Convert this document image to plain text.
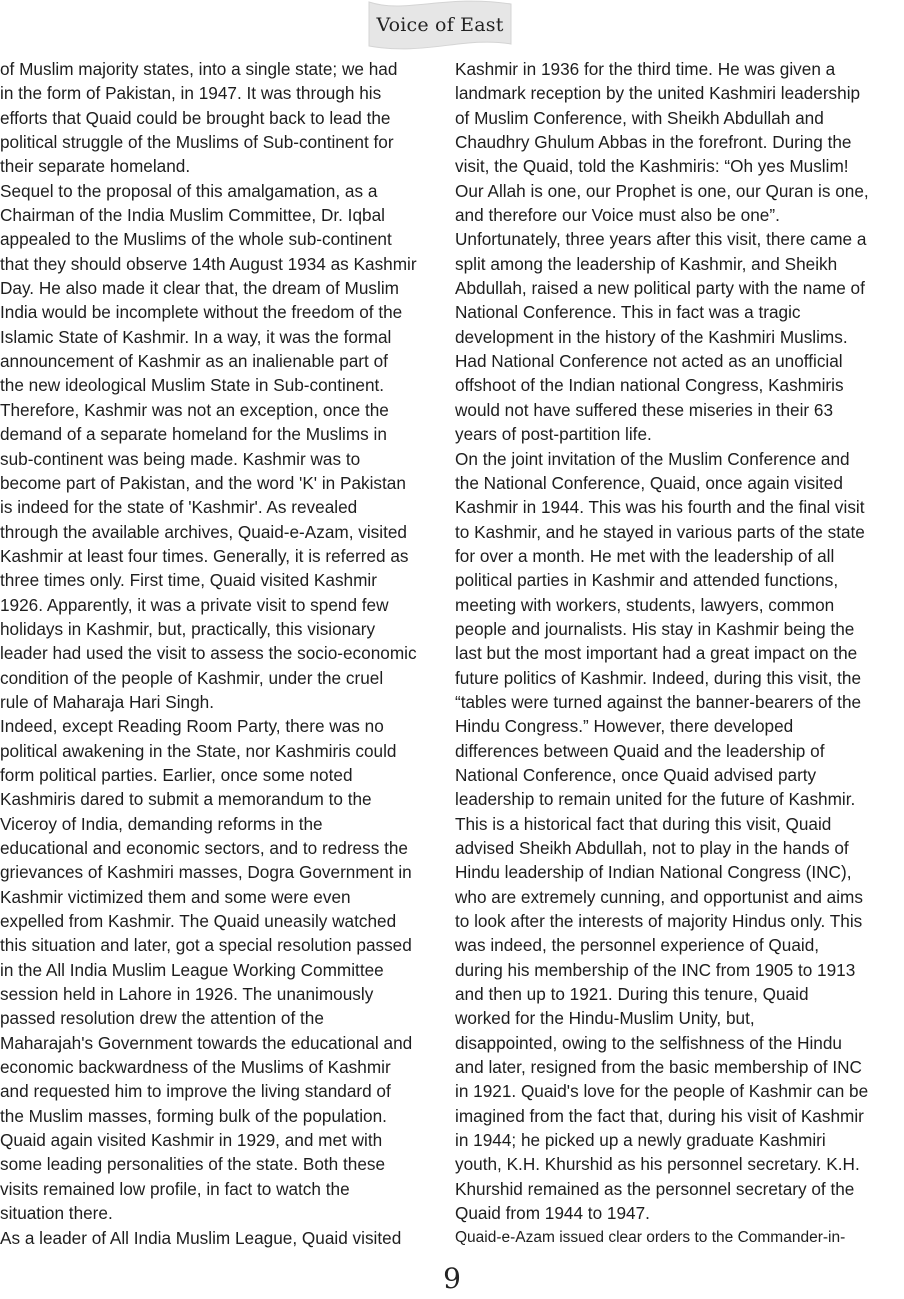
Voice of East
of Muslim majority states, into a single state; we had
in the form of Pakistan, in 1947. It was through his
efforts that Quaid could be brought back to lead the
political struggle of the Muslims of Sub-continent for
their separate homeland.
Sequel to the proposal of this amalgamation, as a
Chairman of the India Muslim Committee, Dr. Iqbal
appealed to the Muslims of the whole sub-continent
that they should observe 14th August 1934 as Kashmir
Day. He also made it clear that, the dream of Muslim
India would be incomplete without the freedom of the
Islamic State of Kashmir. In a way, it was the formal
announcement of Kashmir as an inalienable part of
the new ideological Muslim State in Sub-continent.
Therefore, Kashmir was not an exception, once the
demand of a separate homeland for the Muslims in
sub-continent was being made. Kashmir was to
become part of Pakistan, and the word 'K' in Pakistan
is indeed for the state of 'Kashmir'. As revealed
through the available archives, Quaid-e-Azam, visited
Kashmir at least four times. Generally, it is referred as
three times only. First time, Quaid visited Kashmir
1926. Apparently, it was a private visit to spend few
holidays in Kashmir, but, practically, this visionary
leader had used the visit to assess the socio-economic
condition of the people of Kashmir, under the cruel
rule of Maharaja Hari Singh.
Indeed, except Reading Room Party, there was no
political awakening in the State, nor Kashmiris could
form political parties. Earlier, once some noted
Kashmiris dared to submit a memorandum to the
Viceroy of India, demanding reforms in the
educational and economic sectors, and to redress the
grievances of Kashmiri masses, Dogra Government in
Kashmir victimized them and some were even
expelled from Kashmir. The Quaid uneasily watched
this situation and later, got a special resolution passed
in the All India Muslim League Working Committee
session held in Lahore in 1926. The unanimously
passed resolution drew the attention of the
Maharajah's Government towards the educational and
economic backwardness of the Muslims of Kashmir
and requested him to improve the living standard of
the Muslim masses, forming bulk of the population.
Quaid again visited Kashmir in 1929, and met with
some leading personalities of the state. Both these
visits remained low profile, in fact to watch the
situation there.
As a leader of All India Muslim League, Quaid visited
Kashmir in 1936 for the third time. He was given a
landmark reception by the united Kashmiri leadership
of Muslim Conference, with Sheikh Abdullah and
Chaudhry Ghulum Abbas in the forefront. During the
visit, the Quaid, told the Kashmiris: “Oh yes Muslim!
Our Allah is one, our Prophet is one, our Quran is one,
and therefore our Voice must also be one”.
Unfortunately, three years after this visit, there came a
split among the leadership of Kashmir, and Sheikh
Abdullah, raised a new political party with the name of
National Conference. This in fact was a tragic
development in the history of the Kashmiri Muslims.
Had National Conference not acted as an unofficial
offshoot of the Indian national Congress, Kashmiris
would not have suffered these miseries in their 63
years of post-partition life.
On the joint invitation of the Muslim Conference and
the National Conference, Quaid, once again visited
Kashmir in 1944. This was his fourth and the final visit
to Kashmir, and he stayed in various parts of the state
for over a month. He met with the leadership of all
political parties in Kashmir and attended functions,
meeting with workers, students, lawyers, common
people and journalists. His stay in Kashmir being the
last but the most important had a great impact on the
future politics of Kashmir. Indeed, during this visit, the
“tables were turned against the banner-bearers of the
Hindu Congress.” However, there developed
differences between Quaid and the leadership of
National Conference, once Quaid advised party
leadership to remain united for the future of Kashmir.
This is a historical fact that during this visit, Quaid
advised Sheikh Abdullah, not to play in the hands of
Hindu leadership of Indian National Congress (INC),
who are extremely cunning, and opportunist and aims
to look after the interests of majority Hindus only. This
was indeed, the personnel experience of Quaid,
during his membership of the INC from 1905 to 1913
and then up to 1921. During this tenure, Quaid
worked for the Hindu-Muslim Unity, but,
disappointed, owing to the selfishness of the Hindu
and later, resigned from the basic membership of INC
in 1921. Quaid's love for the people of Kashmir can be
imagined from the fact that, during his visit of Kashmir
in 1944; he picked up a newly graduate Kashmiri
youth, K.H. Khurshid as his personnel secretary. K.H.
Khurshid remained as the personnel secretary of the
Quaid from 1944 to 1947.
Quaid-e-Azam issued clear orders to the Commander-in-
9
